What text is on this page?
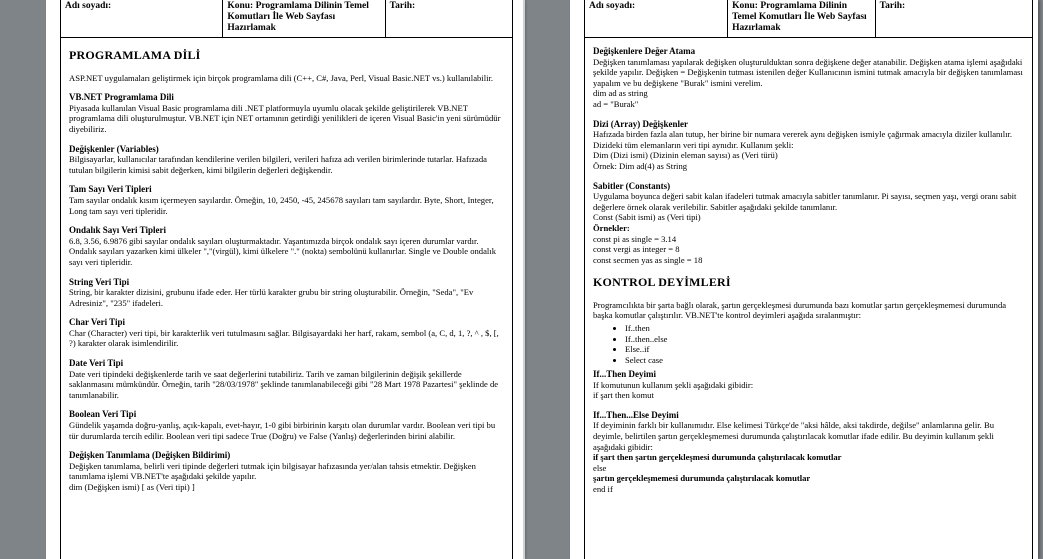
Adı soyadı:	Konu: Programlama Dilinin Temel Komutları İle Web Sayfası Hazırlamak	Tarih:
PROGRAMLAMA DİLİ

ASP.NET uygulamaları geliştirmek için birçok programlama dili (C++, C#, Java, Perl, Visual Basic.NET vs.) kullanılabilir.

VB.NET Programlama Dili

Piyasada kullanılan Visual Basic programlama dili .NET platformuyla uyumlu olacak şekilde geliştirilerek VB.NET programlama dili oluşturulmuştur. VB.NET için NET ortamının getirdiği yenilikleri de içeren Visual Basic'in yeni sürümüdür diyebiliriz.

Değişkenler (Variables)

Bilgisayarlar, kullanıcılar tarafından kendilerine verilen bilgileri, verileri hafıza adı verilen birimlerinde tutarlar. Hafızada tutulan bilgilerin kimisi sabit değerken, kimi bilgilerin değerleri değişkendir.

Tam Sayı Veri Tipleri

Tam sayılar ondalık kısım içermeyen sayılardır. Örneğin, 10, 2450, -45, 245678 sayıları tam sayılardır. Byte, Short, Integer, Long tam sayı veri tipleridir.

Ondalık Sayı Veri Tipleri

6.8, 3.56, 6.9876 gibi sayılar ondalık sayıları oluşturmaktadır. Yaşantımızda birçok ondalık sayı içeren durumlar vardır. Ondalık sayıları yazarken kimi ülkeler ","(virgül), kimi ülkelere "." (nokta) sembolünü kullanırlar. Single ve Double ondalık sayı veri tipleridir.

String Veri Tipi

String, bir karakter dizisini, grubunu ifade eder. Her türlü karakter grubu bir string oluşturabilir. Örneğin, "Seda", "Ev Adresiniz", "235" ifadeleri.

Char Veri Tipi

Char (Character) veri tipi, bir karakterlik veri tutulmasını sağlar. Bilgisayardaki her harf, rakam, sembol (a, C, d, 1, ?, ^ , $, [, ?) karakter olarak isimlendirilir.

Date Veri Tipi

Date veri tipindeki değişkenlerde tarih ve saat değerlerini tutabiliriz. Tarih ve zaman bilgilerinin değişik şekillerde saklanmasını mümkündür. Örneğin, tarih "28/03/1978" şeklinde tanımlanabileceği gibi "28 Mart 1978 Pazartesi" şeklinde de tanımlanabilir.

Boolean Veri Tipi

Gündelik yaşamda doğru-yanlış, açık-kapalı, evet-hayır, 1-0 gibi birbirinin karşıtı olan durumlar vardır. Boolean veri tipi bu tür durumlarda tercih edilir. Boolean veri tipi sadece True (Doğru) ve False (Yanlış) değerlerinden birini alabilir.

Değişken Tanımlama (Değişken Bildirimi)

Değişken tanımlama, belirli veri tipinde değerleri tutmak için bilgisayar hafızasında yer/alan tahsis etmektir. Değişken tanımlama işlemi VB.NET'te aşağıdaki şekilde yapılır.

dim (Değişken ismi) [ as (Veri tipi) ]

Adı soyadı:	Konu: Programlama Dilinin Temel Komutları İle Web Sayfası Hazırlamak	Tarih:
Değişkenlere Değer Atama

Değişken tanımlaması yapılarak değişken oluşturulduktan sonra değişkene değer atanabilir. Değişken atama işlemi aşağıdaki şekilde yapılır. Değişken = Değişkenin tutması istenilen değer Kullanıcının ismini tutmak amacıyla bir değişken tanımlaması yapalım ve bu değişkene "Burak" ismini verelim.

dim ad as string

ad = "Burak"

Dizi (Array) Değişkenler

Hafızada birden fazla alan tutup, her birine bir numara vererek aynı değişken ismiyle çağırmak amacıyla diziler kullanılır. Dizideki tüm elemanların veri tipi aynıdır. Kullanım şekli:

Dim (Dizi ismi) (Dizinin eleman sayısı) as (Veri türü)

Örnek: Dim ad(4) as String

Sabitler (Constants)

Uygulama boyunca değeri sabit kalan ifadeleri tutmak amacıyla sabitler tanımlanır. Pi sayısı, seçmen yaşı, vergi oranı sabit değerlere örnek olarak verilebilir. Sabitler aşağıdaki şekilde tanımlanır.

Const (Sabit ismi) as (Veri tipi)

Örnekler:

const pi as single = 3.14

const vergi as integer = 8

const secmen yas as single = 18

KONTROL DEYİMLERİ

Programcılıkta bir şarta bağlı olarak, şartın gerçekleşmesi durumunda bazı komutlar şartın gerçekleşmemesi durumunda başka komutlar çalıştırılır. VB.NET'te kontrol deyimleri aşağıda sıralanmıştır:

• If..then
• If..then..else
• Else..if
• Select case
If...Then Deyimi

If komutunun kullanım şekli aşağıdaki gibidir:

if şart then komut

If...Then...Else Deyimi

If deyiminin farklı bir kullanımıdır. Else kelimesi Türkçe'de "aksi hâlde, aksi takdirde, değilse" anlamlarına gelir. Bu deyimle, belirtilen şartın gerçekleşmemesi durumunda çalıştırılacak komutlar ifade edilir. Bu deyimin kullanım şekli aşağıdaki gibidir:

if şart then şartın gerçekleşmesi durumunda çalıştırılacak komutlar

else

şartın gerçekleşmemesi durumunda çalıştırılacak komutlar

end if
